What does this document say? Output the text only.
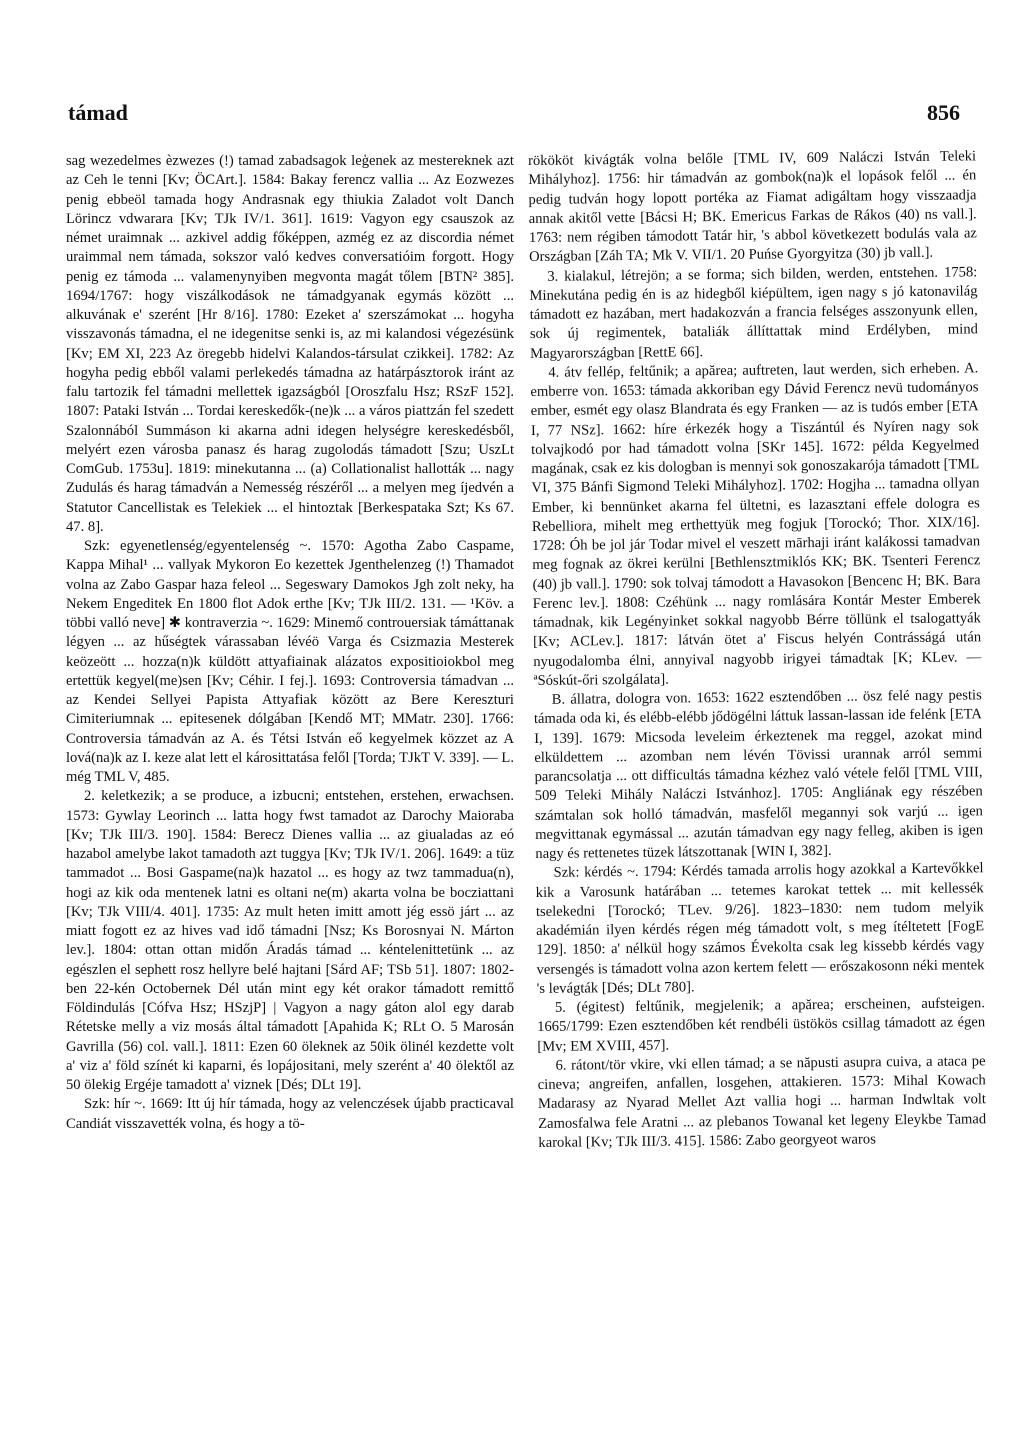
támad	856

sag wezedelmes èzwezes (!) tamad zabadsagok leģenek az mestereknek azt az Ceh le tenni [Kv; ÖCArt.]. 1584: Bakay ferencz vallia ... Az Eozwezes penig ebbeöl tamada hogy Andrasnak egy thiukia Zaladot volt Danch Lörincz vdwarara [Kv; TJk IV/1. 361]. 1619: Vagyon egy csauszok az német uraimnak ... azkivel addig főképpen, azmég ez az discordia német uraimmal nem támada, sokszor való kedves conversatióim forgott. Hogy penig ez támoda ... valamenynyiben megvonta magát tőlem [BTN² 385]. 1694/1767: hogy viszálkodások ne támadgyanak egymás között ... alkuvának e' szerént [Hr 8/16]. 1780: Ezeket a' szerszámokat ... hogyha visszavonás támadna, el ne idegenitse senki is, az mi kalandosi végezésünk [Kv; EM XI, 223 Az öregebb hidelvi Kalandos-társulat czikkei]. 1782: Az hogyha pedig ebből valami perlekedés támadna az határpásztorok iránt az falu tartozik fel támadni mellettek igazságból [Oroszfalu Hsz; RSzF 152]. 1807: Pataki István ... Tordai kereskedők-(ne)k ... a város piattzán fel szedett Szalonnából Summáson ki akarna adni idegen helységre kereskedésből, melyért ezen városba panasz és harag zugolodás támadott [Szu; UszLt ComGub. 1753u]. 1819: minekutanna ... (a) Collationalist hallották ... nagy Zudulás és harag támadván a Nemesség részéről ... a melyen meg íjedvén a Statutor Cancellistak es Telekiek ... el hintoztak [Berkespataka Szt; Ks 67. 47. 8].

Szk: egyenetlenség/egyentelenség ~. 1570: Agotha Zabo Caspame, Kappa Mihal¹ ... vallyak Mykoron Eo kezettek Jgenthelenzeg (!) Thamadot volna az Zabo Gaspar haza feleol ... Segeswary Damokos Jgh zolt neky, ha Nekem Engeditek En 1800 flot Adok erthe [Kv; TJk III/2. 131. — ¹Köv. a többi valló neve] ✱ kontraverzia ~. 1629: Minemő controuersiak támáttanak légyen ... az hűségtek várassaban lévéö Varga és Csizmazia Mesterek keözeött ... hozza(n)k küldött attyafiainak alázatos expositioiokbol meg ertettük kegyel(me)sen [Kv; Céhir. I fej.]. 1693: Controversia támadvan ... az Kendei Sellyei Papista Attyafiak között az Bere Kereszturi Cimiteriumnak ... epitesenek dólgában [Kendő MT; MMatr. 230]. 1766: Controversia támadván az A. és Tétsi István eő kegyelmek közzet az A lová(na)k az I. keze alat lett el károsittatása felől [Torda; TJkT V. 339]. — L. még TML V, 485.

2. keletkezik; a se produce, a izbucni; entstehen, erstehen, erwachsen. 1573: Gywlay Leorinch ... latta hogy fwst tamadot az Darochy Maioraba [Kv; TJk III/3. 190]. 1584: Berecz Dienes vallia ... az giualadas az eó hazabol amelybe lakot tamadoth azt tuggya [Kv; TJk IV/1. 206]. 1649: a tüz tammadot ... Bosi Gaspame(na)k hazatol ... es hogy az twz tammadua(n), hogi az kik oda mentenek latni es oltani ne(m) akarta volna be bocziattani [Kv; TJk VIII/4. 401]. 1735: Az mult heten imitt amott jég essö járt ... az miatt fogott ez az hives vad idő támadni [Nsz; Ks Borosnyai N. Márton lev.]. 1804: ottan ottan midőn Áradás támad ... kéntelenittetünk ... az egészlen el sephett rosz hellyre belé hajtani [Sárd AF; TSb 51]. 1807: 1802-ben 22-kén Octobernek Dél után mint egy két orakor támadott remittő Földindulás [Cófva Hsz; HSzjP] | Vagyon a nagy gáton alol egy darab Rétetske melly a viz mosás által támadott [Apahida K; RLt O. 5 Marosán Gavrilla (56) col. vall.]. 1811: Ezen 60 öleknek az 50ik ölinél kezdette volt a' viz a' föld színét ki kaparni, és lopájositani, mely szerént a' 40 ölektől az 50 ölekig Ergéje tamadott a' viznek [Dés; DLt 19].

Szk: hír ~. 1669: Itt új hír támada, hogy az velenczések újabb practicaval Candiát visszavették volna, és hogy a tö-

rökököt kivágták volna belőle [TML IV, 609 Naláczi István Teleki Mihályhoz]. 1756: hir támadván az gombok(na)k el lopások felől ... én pedig tudván hogy lopott portéka az Fiamat adigáltam hogy visszaadja annak akitől vette [Bácsi H; BK. Emericus Farkas de Rákos (40) ns vall.]. 1763: nem régiben támodott Tatár hir, 's abbol következett bodulás vala az Országban [Záh TA; Mk V. VII/1. 20 Puńse Gyorgyitza (30) jb vall.].

3. kialakul, létrejön; a se forma; sich bilden, werden, entstehen. 1758: Minekutána pedig én is az hidegből kiépültem, igen nagy s jó katonavilág támadott ez hazában, mert hadakozván a francia felséges asszonyunk ellen, sok új regimentek, bataliák állíttattak mind Erdélyben, mind Magyarországban [RettE 66].

4. átv fellép, feltűnik; a apărea; auftreten, laut werden, sich erheben. A. emberre von. 1653: támada akkoriban egy Dávid Ferencz nevü tudományos ember, esmét egy olasz Blandrata és egy Franken — az is tudós ember [ETA I, 77 NSz]. 1662: híre érkezék hogy a Tiszántúl és Nyíren nagy sok tolvajkodó por had támadott volna [SKr 145]. 1672: példa Kegyelmed magának, csak ez kis dologban is mennyi sok gonoszakarója támadott [TML VI, 375 Bánfi Sigmond Teleki Mihályhoz]. 1702: Hogjha ... tamadna ollyan Ember, ki bennünket akarna fel ültetni, es lazasztani effele dologra es Rebelliora, mihelt meg erthettyük meg fogjuk [Torockó; Thor. XIX/16]. 1728: Óh be jol jár Todar mivel el veszett mārhaji iránt kalákossi tamadvan meg fognak az ökrei kerülni [Bethlensztmiklós KK; BK. Tsenteri Ferencz (40) jb vall.]. 1790: sok tolvaj támodott a Havasokon [Bencenc H; BK. Bara Ferenc lev.]. 1808: Czéhünk ... nagy romlására Kontár Mester Emberek támadnak, kik Legényinket sokkal nagyobb Bérre töllünk el tsalogattyák [Kv; ACLev.]. 1817: látván ötet a' Fiscus helyén Contrásságá után nyugodalomba élni, annyival nagyobb irigyei támadtak [K; KLev. — ªSóskút-őri szolgálata].

B. állatra, dologra von. 1653: 1622 esztendőben ... ösz felé nagy pestis támada oda ki, és elébb-elébb jődögélni láttuk lassan-lassan ide felénk [ETA I, 139]. 1679: Micsoda leveleim érkeztenek ma reggel, azokat mind elküldettem ... azomban nem lévén Tövissi urannak arról semmi parancsolatja ... ott difficultás támadna kézhez való vétele felől [TML VIII, 509 Teleki Mihály Naláczi Istvánhoz]. 1705: Angliának egy részében számtalan sok holló támadván, masfelől megannyi sok varjú ... igen megvittanak egymással ... azután támadvan egy nagy felleg, akiben is igen nagy és rettenetes tüzek látszottanak [WIN I, 382].

Szk: kérdés ~. 1794: Kérdés tamada arrolis hogy azokkal a Kartevőkkel kik a Varosunk határában ... tetemes karokat tettek ... mit kellessék tselekedni [Torockó; TLev. 9/26]. 1823–1830: nem tudom melyik akadémián ilyen kérdés régen még támadott volt, s meg ítéltetett [FogE 129]. 1850: a' nélkül hogy számos Évekolta csak leg kissebb kérdés vagy versengés is támadott volna azon kertem felett — erőszakosonn néki mentek 's levágták [Dés; DLt 780].

5. (égitest) feltűnik, megjelenik; a apărea; erscheinen, aufsteigen. 1665/1799: Ezen esztendőben két rendbéli üstökös csillag támadott az égen [Mv; EM XVIII, 457].

6. rátont/tör vkire, vki ellen támad; a se năpusti asupra cuiva, a ataca pe cineva; angreifen, anfallen, losgehen, attakieren. 1573: Mihal Kowach Madarasy az Nyarad Mellet Azt vallia hogi ... harman Indwltak volt Zamosfalwa fele Aratni ... az plebanos Towanal ket legeny Eleykbe Tamad karokal [Kv; TJk III/3. 415]. 1586: Zabo georgyeot waros
